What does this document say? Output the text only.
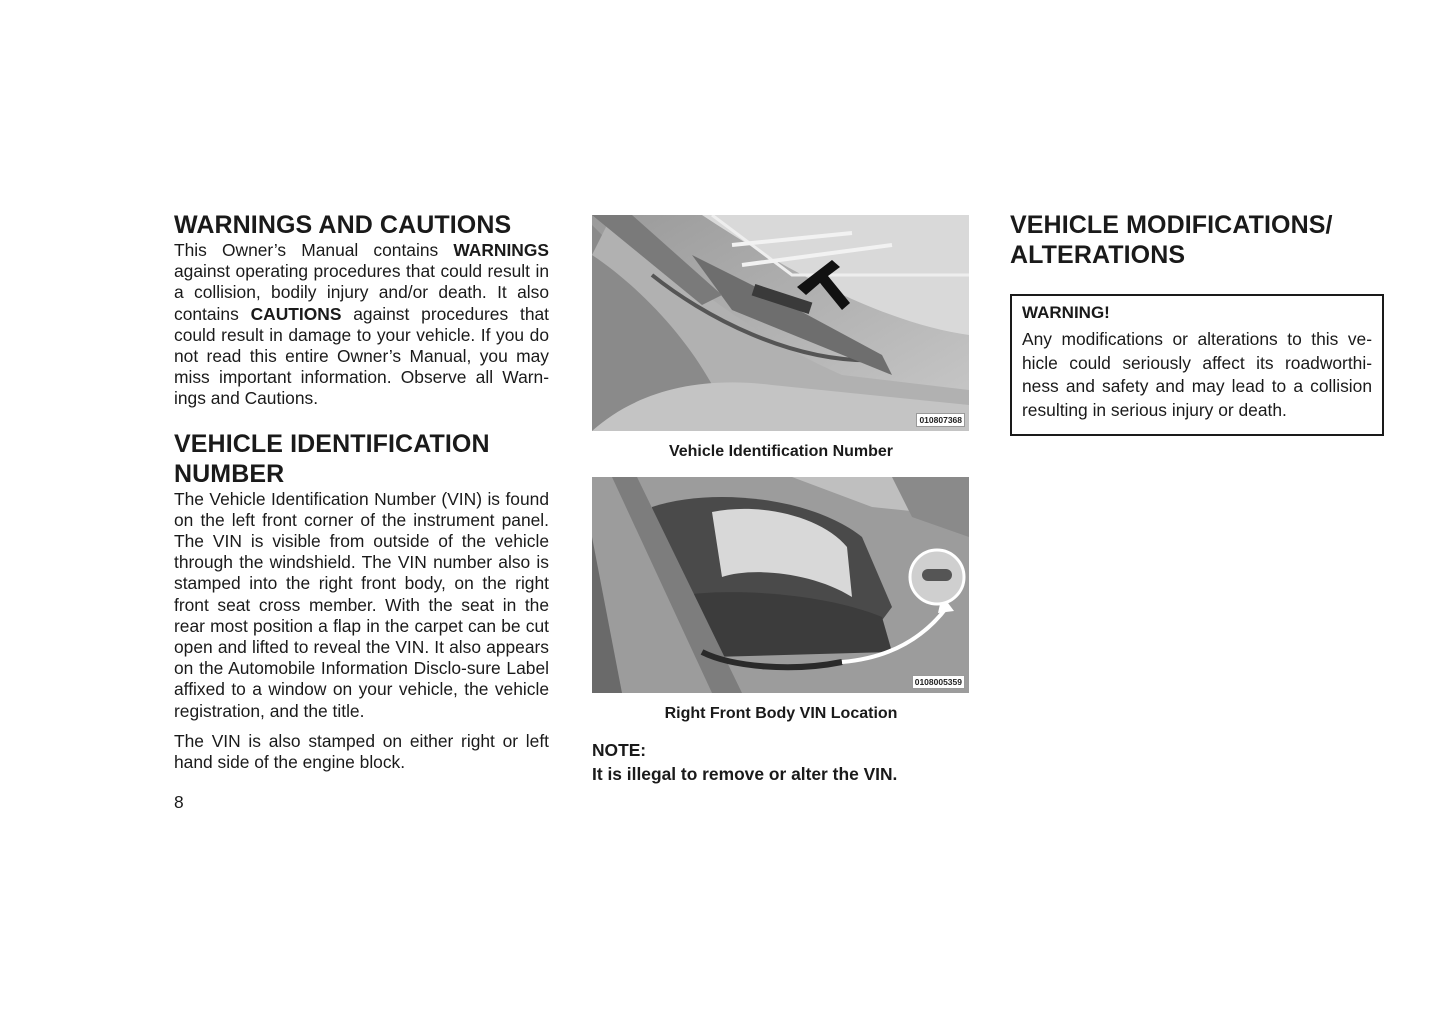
WARNINGS AND CAUTIONS

This Owner’s Manual contains WARNINGS against operating procedures that could result in a collision, bodily injury and/or death. It also contains CAUTIONS against procedures that could result in damage to your vehicle. If you do not read this entire Owner’s Manual, you may miss important information. Observe all Warn-ings and Cautions.

VEHICLE IDENTIFICATION NUMBER

The Vehicle Identification Number (VIN) is found on the left front corner of the instrument panel. The VIN is visible from outside of the vehicle through the windshield. The VIN number also is stamped into the right front body, on the right front seat cross member. With the seat in the rear most position a flap in the carpet can be cut open and lifted to reveal the VIN. It also appears on the Automobile Information Disclo-sure Label affixed to a window on your vehicle, the vehicle registration, and the title.

The VIN is also stamped on either right or left hand side of the engine block.

8
010807368
Vehicle Identification Number
0108005359
Right Front Body VIN Location
NOTE:
It is illegal to remove or alter the VIN.
VEHICLE MODIFICATIONS/
ALTERATIONS
WARNING!
Any modifications or alterations to this ve-hicle could seriously affect its roadworthi-ness and safety and may lead to a collision resulting in serious injury or death.
